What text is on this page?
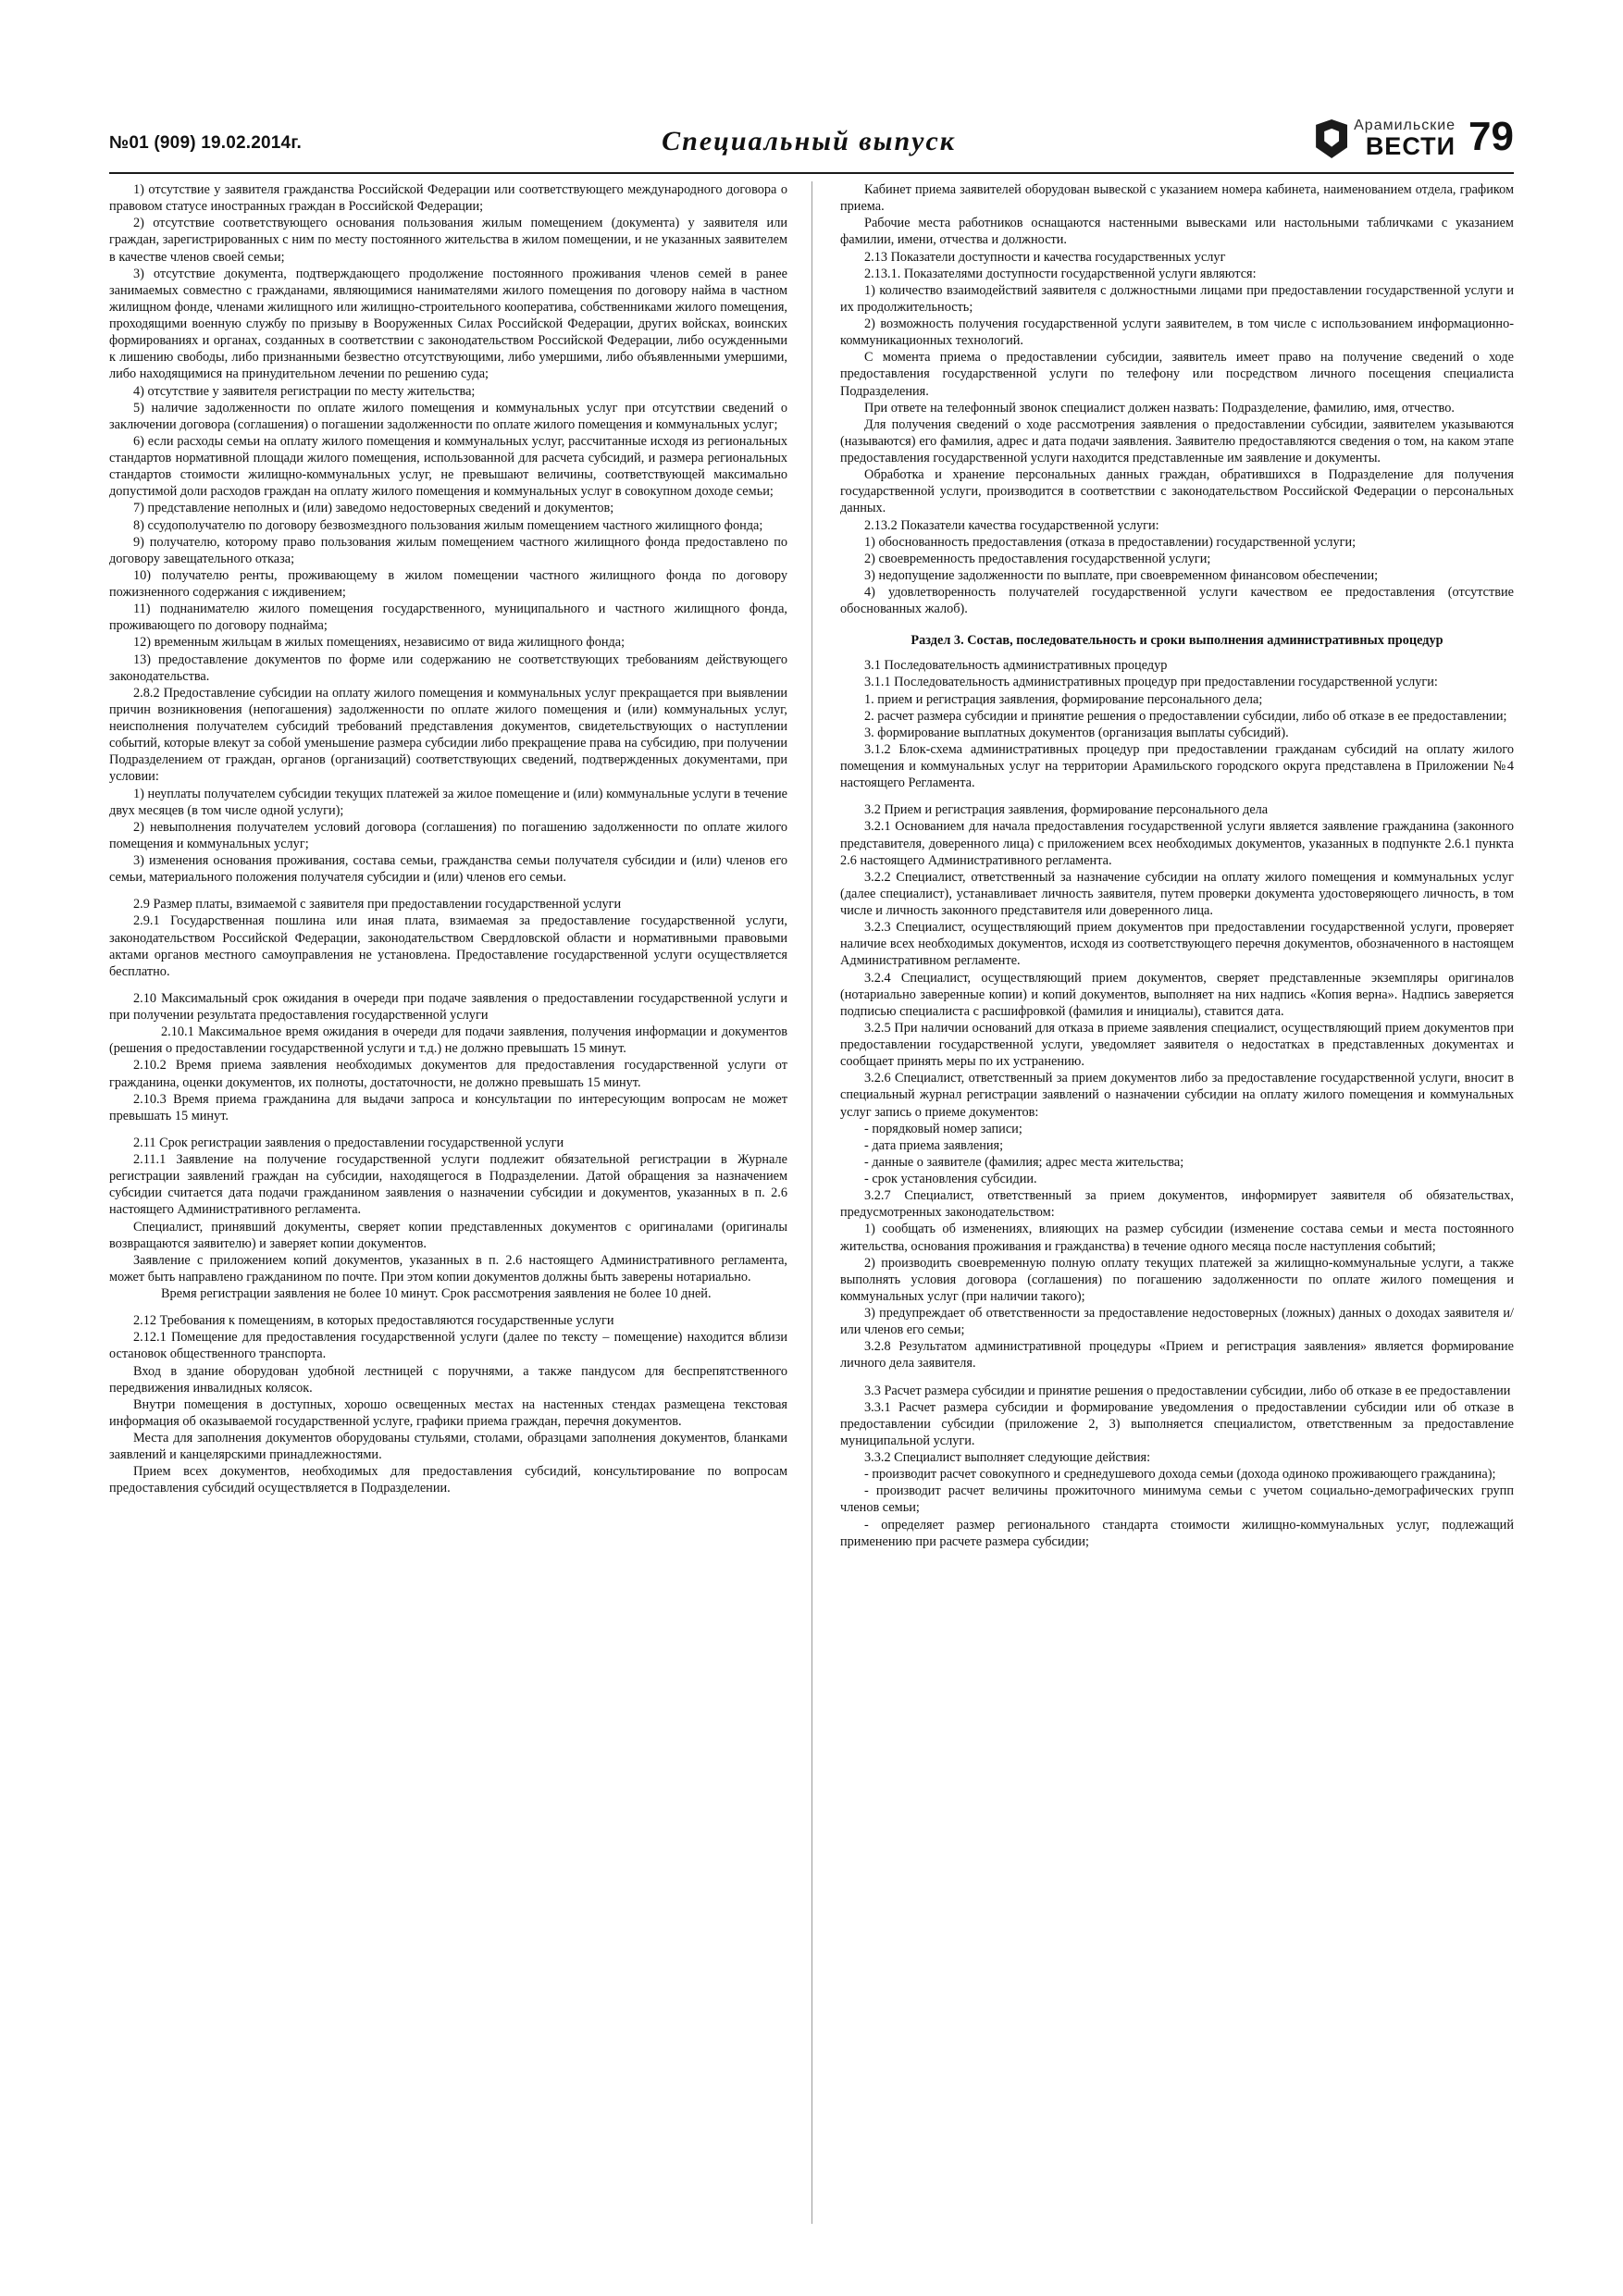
№01 (909) 19.02.2014г.	Специальный выпуск
Арамильские
ВЕСТИ 79

1) отсутствие у заявителя гражданства Российской Федерации или соответствующего международного договора о правовом статусе иностранных граждан в Российской Федерации;

2) отсутствие соответствующего основания пользования жилым помещением (документа) у заявителя или граждан, зарегистрированных с ним по месту постоянного жительства в жилом помещении, и не указанных заявителем в качестве членов своей семьи;

3) отсутствие документа, подтверждающего продолжение постоянного проживания членов семей в ранее занимаемых совместно с гражданами, являющимися нанимателями жилого помещения по договору найма в частном жилищном фонде, членами жилищного или жилищно-строительного кооператива, собственниками жилого помещения, проходящими военную службу по призыву в Вооруженных Силах Российской Федерации, других войсках, воинских формированиях и органах, созданных в соответствии с законодательством Российской Федерации, либо осужденными к лишению свободы, либо признанными безвестно отсутствующими, либо умершими, либо объявленными умершими, либо находящимися на принудительном лечении по решению суда;

4) отсутствие у заявителя регистрации по месту жительства;

5) наличие задолженности по оплате жилого помещения и коммунальных услуг при отсутствии сведений о заключении договора (соглашения) о погашении задолженности по оплате жилого помещения и коммунальных услуг;

6) если расходы семьи на оплату жилого помещения и коммунальных услуг, рассчитанные исходя из региональных стандартов нормативной площади жилого помещения, использованной для расчета субсидий, и размера региональных стандартов стоимости жилищно-коммунальных услуг, не превышают величины, соответствующей максимально допустимой доли расходов граждан на оплату жилого помещения и коммунальных услуг в совокупном доходе семьи;

7) представление неполных и (или) заведомо недостоверных сведений и документов;

8) ссудополучателю по договору безвозмездного пользования жилым помещением частного жилищного фонда;

9) получателю, которому право пользования жилым помещением частного жилищного фонда предоставлено по договору завещательного отказа;

10) получателю ренты, проживающему в жилом помещении частного жилищного фонда по договору пожизненного содержания с иждивением;

11) поднанимателю жилого помещения государственного, муниципального и частного жилищного фонда, проживающего по договору поднайма;

12) временным жильцам в жилых помещениях, независимо от вида жилищного фонда;

13) предоставление документов по форме или содержанию не соответствующих требованиям действующего законодательства.

2.8.2 Предоставление субсидии на оплату жилого помещения и коммунальных услуг прекращается при выявлении причин возникновения (непогашения) задолженности по оплате жилого помещения и (или) коммунальных услуг, неисполнения получателем субсидий требований представления документов, свидетельствующих о наступлении событий, которые влекут за собой уменьшение размера субсидии либо прекращение права на субсидию, при получении Подразделением от граждан, органов (организаций) соответствующих сведений, подтвержденных документами, при условии:

1) неуплаты получателем субсидии текущих платежей за жилое помещение и (или) коммунальные услуги в течение двух месяцев (в том числе одной услуги);

2) невыполнения получателем условий договора (соглашения) по погашению задолженности по оплате жилого помещения и коммунальных услуг;

3) изменения основания проживания, состава семьи, гражданства семьи получателя субсидии и (или) членов его семьи, материального положения получателя субсидии и (или) членов его семьи.

2.9 Размер платы, взимаемой с заявителя при предоставлении государственной услуги

2.9.1 Государственная пошлина или иная плата, взимаемая за предоставление государственной услуги, законодательством Российской Федерации, законодательством Свердловской области и нормативными правовыми актами органов местного самоуправления не установлена. Предоставление государственной услуги осуществляется бесплатно.

2.10 Максимальный срок ожидания в очереди при подаче заявления о предоставлении государственной услуги и при получении результата предоставления государственной услуги

2.10.1 Максимальное время ожидания в очереди для подачи заявления, получения информации и документов (решения о предоставлении государственной услуги и т.д.) не должно превышать 15 минут.

2.10.2 Время приема заявления необходимых документов для предоставления государственной услуги от гражданина, оценки документов, их полноты, достаточности, не должно превышать 15 минут.

2.10.3 Время приема гражданина для выдачи запроса и консультации по интересующим вопросам не может превышать 15 минут.

2.11 Срок регистрации заявления о предоставлении государственной услуги

2.11.1 Заявление на получение государственной услуги подлежит обязательной регистрации в Журнале регистрации заявлений граждан на субсидии, находящегося в Подразделении. Датой обращения за назначением субсидии считается дата подачи гражданином заявления о назначении субсидии и документов, указанных в п. 2.6 настоящего Административного регламента.

Специалист, принявший документы, сверяет копии представленных документов с оригиналами (оригиналы возвращаются заявителю) и заверяет копии документов.

Заявление с приложением копий документов, указанных в п. 2.6 настоящего Административного регламента, может быть направлено гражданином по почте. При этом копии документов должны быть заверены нотариально.

Время регистрации заявления не более 10 минут. Срок рассмотрения заявления не более 10 дней.

2.12 Требования к помещениям, в которых предоставляются государственные услуги

2.12.1 Помещение для предоставления государственной услуги (далее по тексту – помещение) находится вблизи остановок общественного транспорта.

Вход в здание оборудован удобной лестницей с поручнями, а также пандусом для беспрепятственного передвижения инвалидных колясок.

Внутри помещения в доступных, хорошо освещенных местах на настенных стендах размещена текстовая информация об оказываемой государственной услуге, графики приема граждан, перечня документов.

Места для заполнения документов оборудованы стульями, столами, образцами заполнения документов, бланками заявлений и канцелярскими принадлежностями.

Прием всех документов, необходимых для предоставления субсидий, консультирование по вопросам предоставления субсидий осуществляется в Подразделении.

Кабинет приема заявителей оборудован вывеской с указанием номера кабинета, наименованием отдела, графиком приема.

Рабочие места работников оснащаются настенными вывесками или настольными табличками с указанием фамилии, имени, отчества и должности.

2.13 Показатели доступности и качества государственных услуг

2.13.1. Показателями доступности государственной услуги являются:

1) количество взаимодействий заявителя с должностными лицами при предоставлении государственной услуги и их продолжительность;

2) возможность получения государственной услуги заявителем, в том числе с использованием информационно-коммуникационных технологий.

С момента приема о предоставлении субсидии, заявитель имеет право на получение сведений о ходе предоставления государственной услуги по телефону или посредством личного посещения специалиста Подразделения.

При ответе на телефонный звонок специалист должен назвать: Подразделение, фамилию, имя, отчество.

Для получения сведений о ходе рассмотрения заявления о предоставлении субсидии, заявителем указываются (называются) его фамилия, адрес и дата подачи заявления. Заявителю предоставляются сведения о том, на каком этапе предоставления государственной услуги находится представленные им заявление и документы.

Обработка и хранение персональных данных граждан, обратившихся в Подразделение для получения государственной услуги, производится в соответствии с законодательством Российской Федерации о персональных данных.

2.13.2 Показатели качества государственной услуги:

1) обоснованность предоставления (отказа в предоставлении) государственной услуги;

2) своевременность предоставления государственной услуги;

3) недопущение задолженности по выплате, при своевременном финансовом обеспечении;

4) удовлетворенность получателей государственной услуги качеством ее предоставления (отсутствие обоснованных жалоб).

Раздел 3. Состав, последовательность и сроки выполнения административных процедур

3.1 Последовательность административных процедур

3.1.1 Последовательность административных процедур при предоставлении государственной услуги:

1. прием и регистрация заявления, формирование персонального дела;

2. расчет размера субсидии и принятие решения о предоставлении субсидии, либо об отказе в ее предоставлении;

3. формирование выплатных документов (организация выплаты субсидий).

3.1.2 Блок-схема административных процедур при предоставлении гражданам субсидий на оплату жилого помещения и коммунальных услуг на территории Арамильского городского округа представлена в Приложении №4 настоящего Регламента.

3.2 Прием и регистрация заявления, формирование персонального дела

3.2.1 Основанием для начала предоставления государственной услуги является заявление гражданина (законного представителя, доверенного лица) с приложением всех необходимых документов, указанных в подпункте 2.6.1 пункта 2.6 настоящего Административного регламента.

3.2.2 Специалист, ответственный за назначение субсидии на оплату жилого помещения и коммунальных услуг (далее специалист), устанавливает личность заявителя, путем проверки документа удостоверяющего личность, в том числе и личность законного представителя или доверенного лица.

3.2.3 Специалист, осуществляющий прием документов при предоставлении государственной услуги, проверяет наличие всех необходимых документов, исходя из соответствующего перечня документов, обозначенного в настоящем Административном регламенте.

3.2.4 Специалист, осуществляющий прием документов, сверяет представленные экземпляры оригиналов (нотариально заверенные копии) и копий документов, выполняет на них надпись «Копия верна». Надпись заверяется подписью специалиста с расшифровкой (фамилия и инициалы), ставится дата.

3.2.5 При наличии оснований для отказа в приеме заявления специалист, осуществляющий прием документов при предоставлении государственной услуги, уведомляет заявителя о недостатках в представленных документах и сообщает принять меры по их устранению.

3.2.6 Специалист, ответственный за прием документов либо за предоставление государственной услуги, вносит в специальный журнал регистрации заявлений о назначении субсидии на оплату жилого помещения и коммунальных услуг запись о приеме документов:

- порядковый номер записи;

- дата приема заявления;

- данные о заявителе (фамилия; адрес места жительства;

- срок установления субсидии.

3.2.7 Специалист, ответственный за прием документов, информирует заявителя об обязательствах, предусмотренных законодательством:

1) сообщать об изменениях, влияющих на размер субсидии (изменение состава семьи и места постоянного жительства, основания проживания и гражданства) в течение одного месяца после наступления событий;

2) производить своевременную полную оплату текущих платежей за жилищно-коммунальные услуги, а также выполнять условия договора (соглашения) по погашению задолженности по оплате жилого помещения и коммунальных услуг (при наличии такого);

3) предупреждает об ответственности за предоставление недостоверных (ложных) данных о доходах заявителя и/или членов его семьи;

3.2.8 Результатом административной процедуры «Прием и регистрация заявления» является формирование личного дела заявителя.

3.3 Расчет размера субсидии и принятие решения о предоставлении субсидии, либо об отказе в ее предоставлении

3.3.1 Расчет размера субсидии и формирование уведомления о предоставлении субсидии или об отказе в предоставлении субсидии (приложение 2, 3) выполняется специалистом, ответственным за предоставление муниципальной услуги.

3.3.2 Специалист выполняет следующие действия:

- производит расчет совокупного и среднедушевого дохода семьи (дохода одиноко проживающего гражданина);

- производит расчет величины прожиточного минимума семьи с учетом социально-демографических групп членов семьи;

- определяет размер регионального стандарта стоимости жилищно-коммунальных услуг, подлежащий применению при расчете размера субсидии;
